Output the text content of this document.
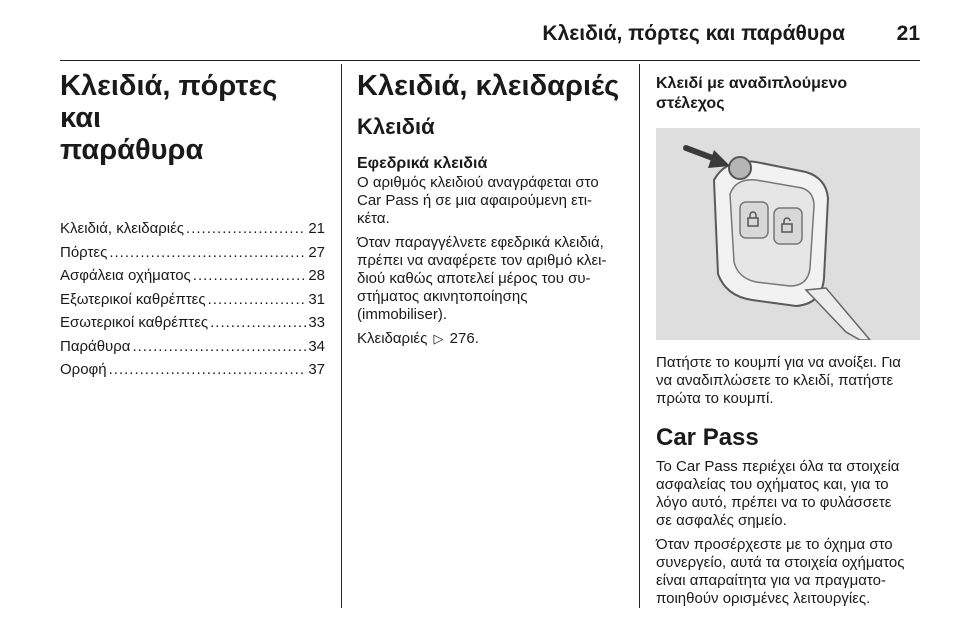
Κλειδιά, πόρτες και παράθυρα 21
Κλειδιά, πόρτες και
παράθυρα
Κλειδιά, κλειδαριές .....	21
Πόρτες .....	27
Ασφάλεια οχήματος .....	28
Εξωτερικοί καθρέπτες .....	31
Εσωτερικοί καθρέπτες .....	33
Παράθυρα .....	34
Οροφή .....	37
Κλειδιά, κλειδαριές
Κλειδιά
Εφεδρικά κλειδιά

Ο αριθμός κλειδιού αναγράφεται στο
Car Pass ή σε μια αφαιρούμενη ετι-
κέτα.

Όταν παραγγέλνετε εφεδρικά κλειδιά,
πρέπει να αναφέρετε τον αριθμό κλει-
διού καθώς αποτελεί μέρος του συ-
στήματος ακινητοποίησης
(immobiliser).

Κλειδαριές ▷ 276.

Κλειδί με αναδιπλούμενο
στέλεχος

Πατήστε το κουμπί για να ανοίξει. Για
να αναδιπλώσετε το κλειδί, πατήστε
πρώτα το κουμπί.

Car Pass

Το Car Pass περιέχει όλα τα στοιχεία
ασφαλείας του οχήματος και, για το
λόγο αυτό, πρέπει να το φυλάσσετε
σε ασφαλές σημείο.

Όταν προσέρχεστε με το όχημα στο
συνεργείο, αυτά τα στοιχεία οχήματος
είναι απαραίτητα για να πραγματο-
ποιηθούν ορισμένες λειτουργίες.
